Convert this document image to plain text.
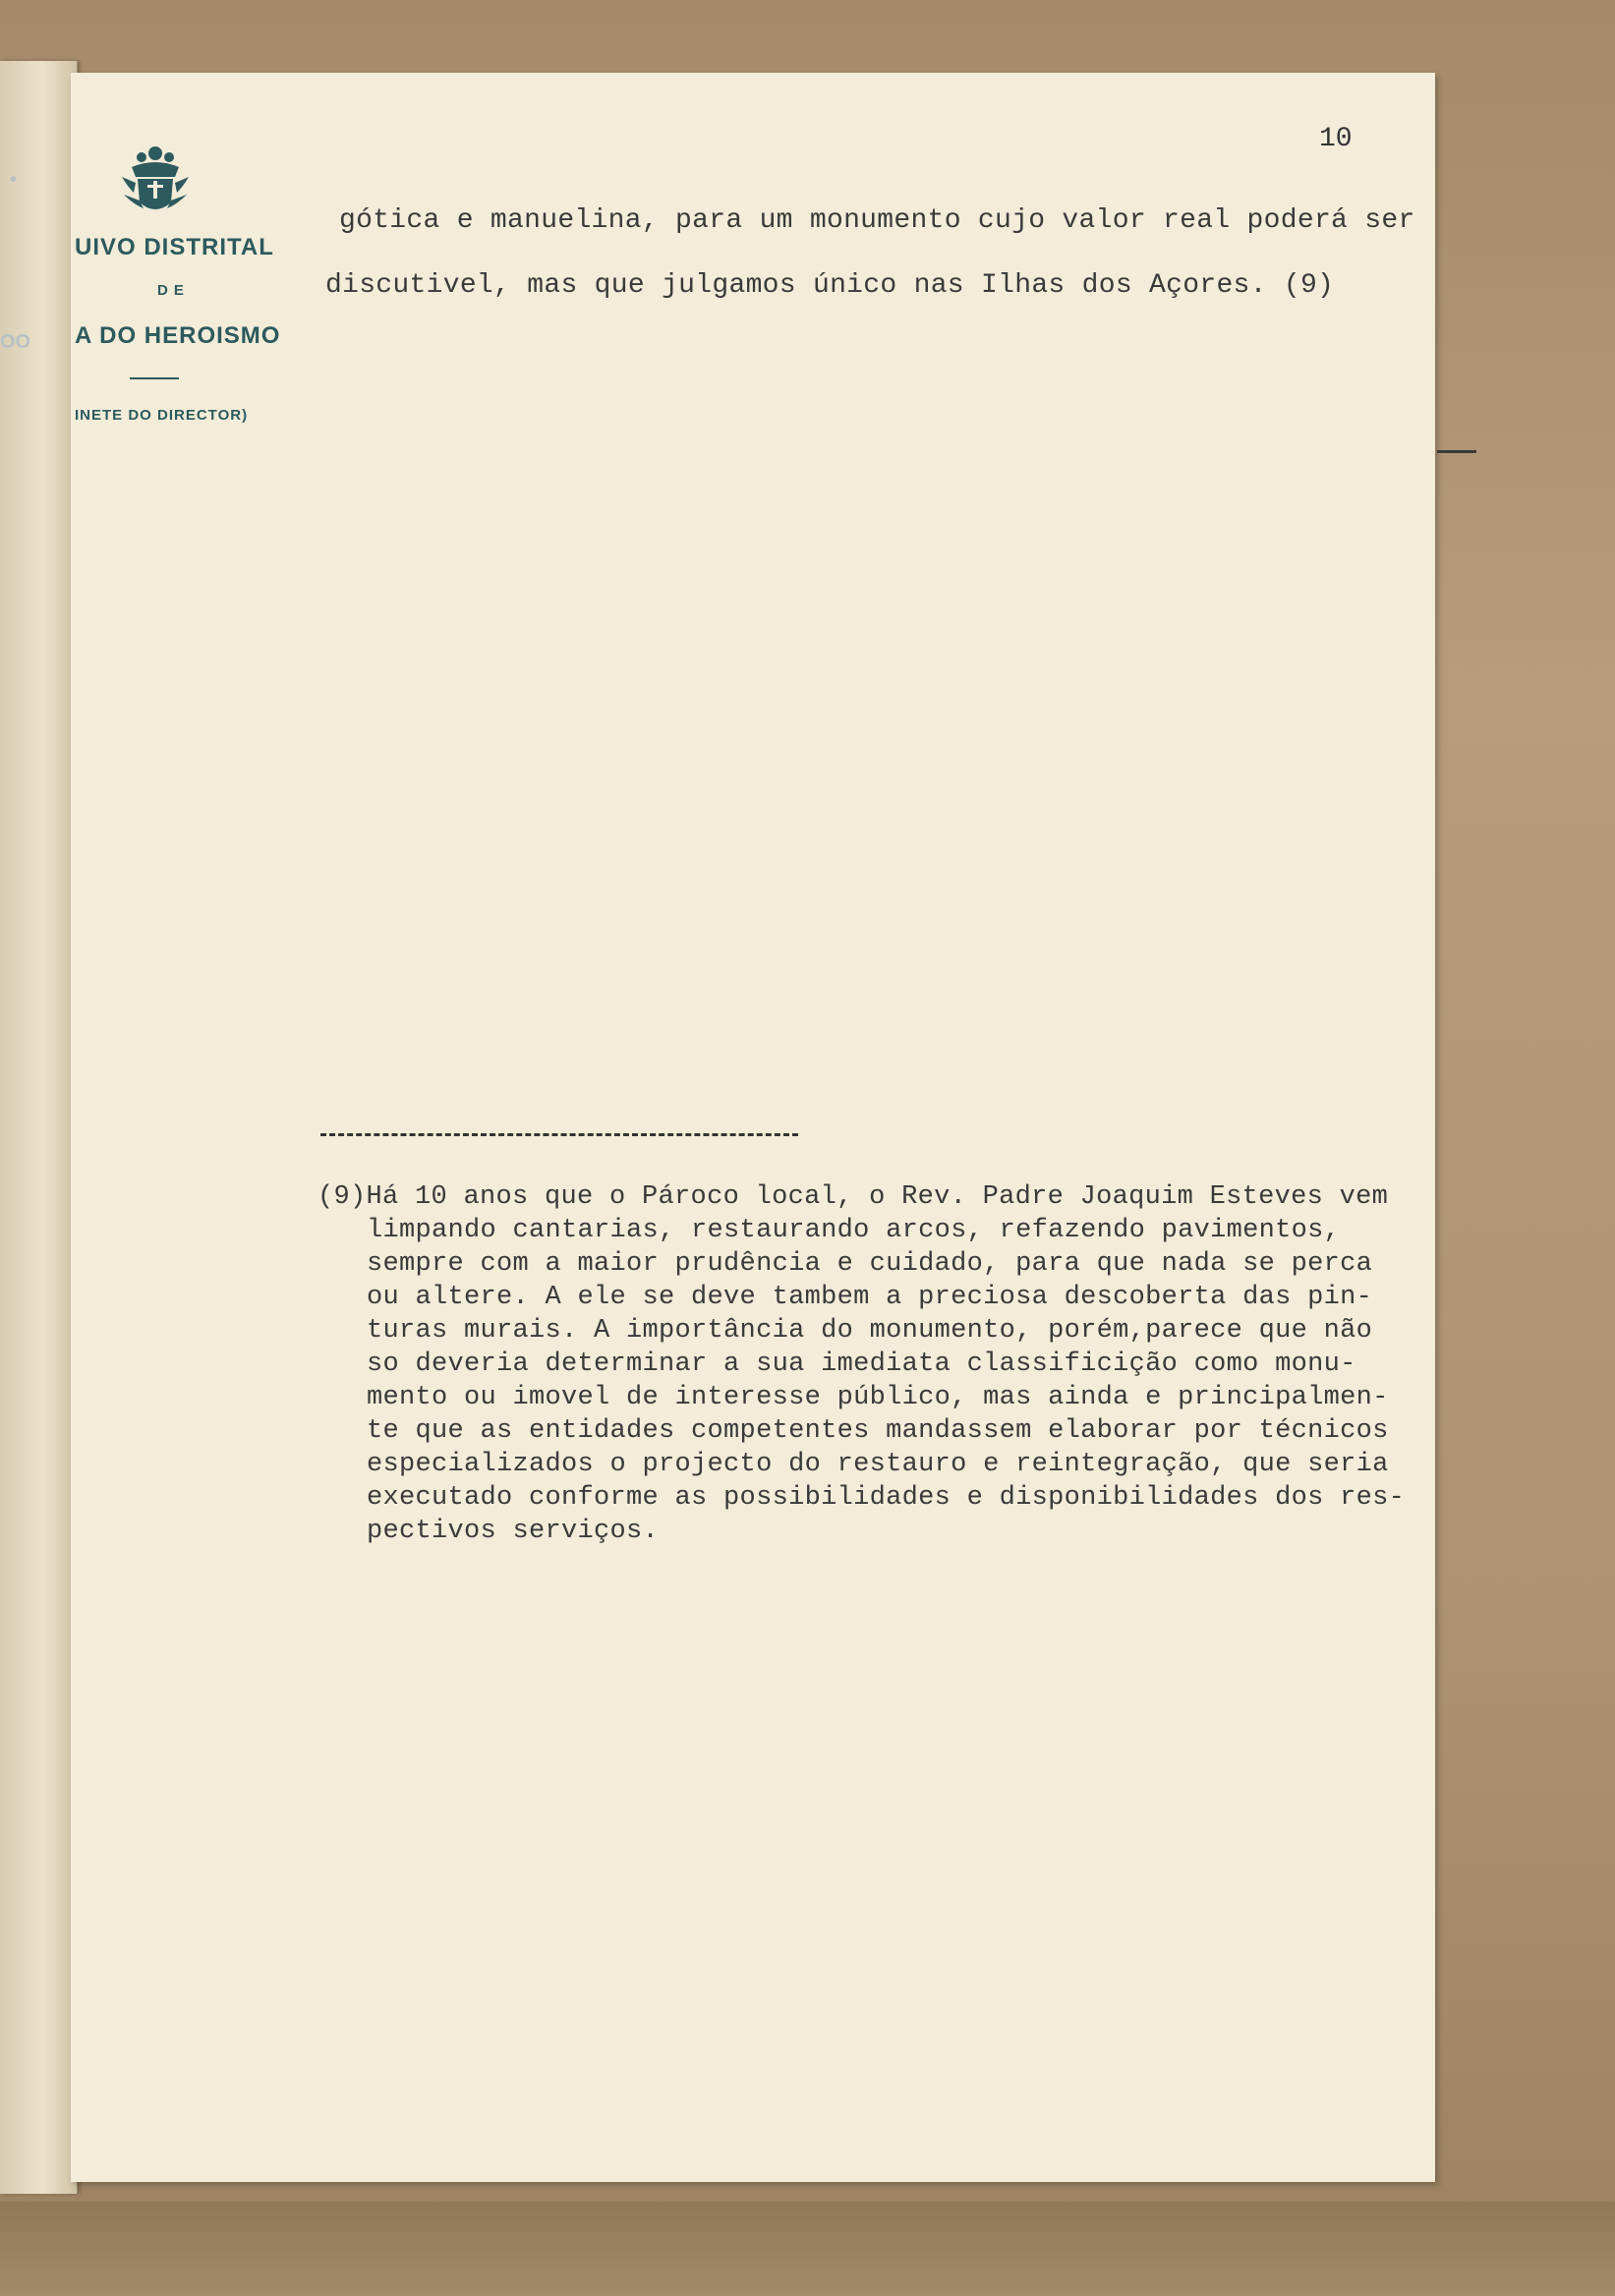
•
OO
UIVO DISTRITAL
DE
A DO HEROISMO
INETE DO DIRECTOR)
10
gótica e manuelina, para um monumento cujo valor real poderá ser
discutivel, mas que julgamos único nas Ilhas dos Açores. (9)
(9)Há 10 anos que o Pároco local, o Rev. Padre Joaquim Esteves vem
limpando cantarias, restaurando arcos, refazendo pavimentos,
sempre com a maior prudência e cuidado, para que nada se perca
ou altere. A ele se deve tambem a preciosa descoberta das pin-
turas murais. A importância do monumento, porém,parece que não
so deveria determinar a sua imediata classificição como monu-
mento ou imovel de interesse público, mas ainda e principalmen-
te que as entidades competentes mandassem elaborar por técnicos
especializados o projecto do restauro e reintegração, que seria
executado conforme as possibilidades e disponibilidades dos res-
pectivos serviços.
